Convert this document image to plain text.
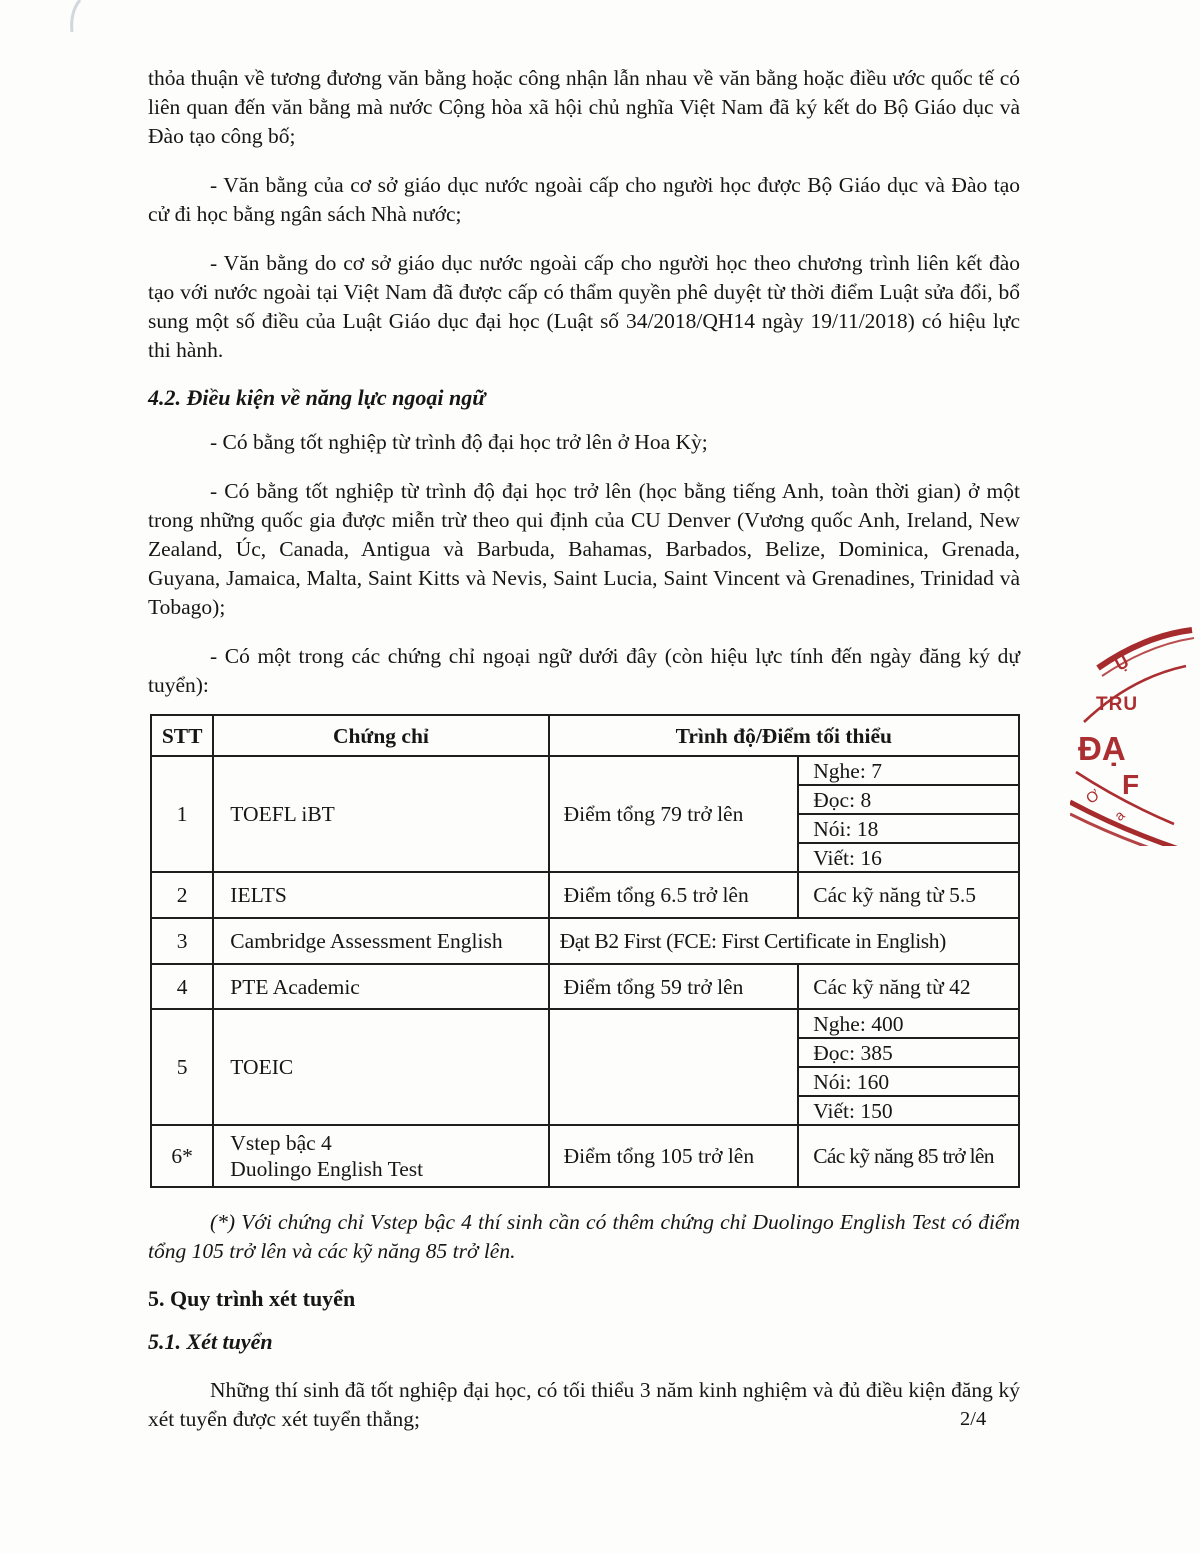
thỏa thuận về tương đương văn bằng hoặc công nhận lẫn nhau về văn bằng hoặc điều ước quốc tế có liên quan đến văn bằng mà nước Cộng hòa xã hội chủ nghĩa Việt Nam đã ký kết do Bộ Giáo dục và Đào tạo công bố;

- Văn bằng của cơ sở giáo dục nước ngoài cấp cho người học được Bộ Giáo dục và Đào tạo cử đi học bằng ngân sách Nhà nước;

- Văn bằng do cơ sở giáo dục nước ngoài cấp cho người học theo chương trình liên kết đào tạo với nước ngoài tại Việt Nam đã được cấp có thẩm quyền phê duyệt từ thời điểm Luật sửa đổi, bổ sung một số điều của Luật Giáo dục đại học (Luật số 34/2018/QH14 ngày 19/11/2018) có hiệu lực thi hành.

4.2. Điều kiện về năng lực ngoại ngữ

- Có bằng tốt nghiệp từ trình độ đại học trở lên ở Hoa Kỳ;

- Có bằng tốt nghiệp từ trình độ đại học trở lên (học bằng tiếng Anh, toàn thời gian) ở một trong những quốc gia được miễn trừ theo qui định của CU Denver (Vương quốc Anh, Ireland, New Zealand, Úc, Canada, Antigua và Barbuda, Bahamas, Barbados, Belize, Dominica, Grenada, Guyana, Jamaica, Malta, Saint Kitts và Nevis, Saint Lucia, Saint Vincent và Grenadines, Trinidad và Tobago);

- Có một trong các chứng chỉ ngoại ngữ dưới đây (còn hiệu lực tính đến ngày đăng ký dự tuyển):

STT	Chứng chỉ	Trình độ/Điểm tối thiểu	
1	TOEFL iBT	Điểm tổng 79 trở lên	Nghe: 7
			Đọc: 8
			Nói: 18
			Viết: 16
2	IELTS	Điểm tổng 6.5 trở lên	Các kỹ năng từ 5.5
3	Cambridge Assessment English	Đạt B2 First (FCE: First Certificate in English)	
4	PTE Academic	Điểm tổng 59 trở lên	Các kỹ năng từ 42
5	TOEIC		Nghe: 400
			Đọc: 385
			Nói: 160
			Viết: 150
6*	Vstep bậc 4
Duolingo English Test	Điểm tổng 105 trở lên	Các kỹ năng 85 trở lên

(*) Với chứng chỉ Vstep bậc 4 thí sinh cần có thêm chứng chỉ Duolingo English Test có điểm tổng 105 trở lên và các kỹ năng 85 trở lên.

5. Quy trình xét tuyển
5.1. Xét tuyển

Những thí sinh đã tốt nghiệp đại học, có tối thiểu 3 năm kinh nghiệm và đủ điều kiện đăng ký xét tuyển được xét tuyển thẳng;

Ụ
Ơ
a
TRU
ĐẠ
F
2/4
